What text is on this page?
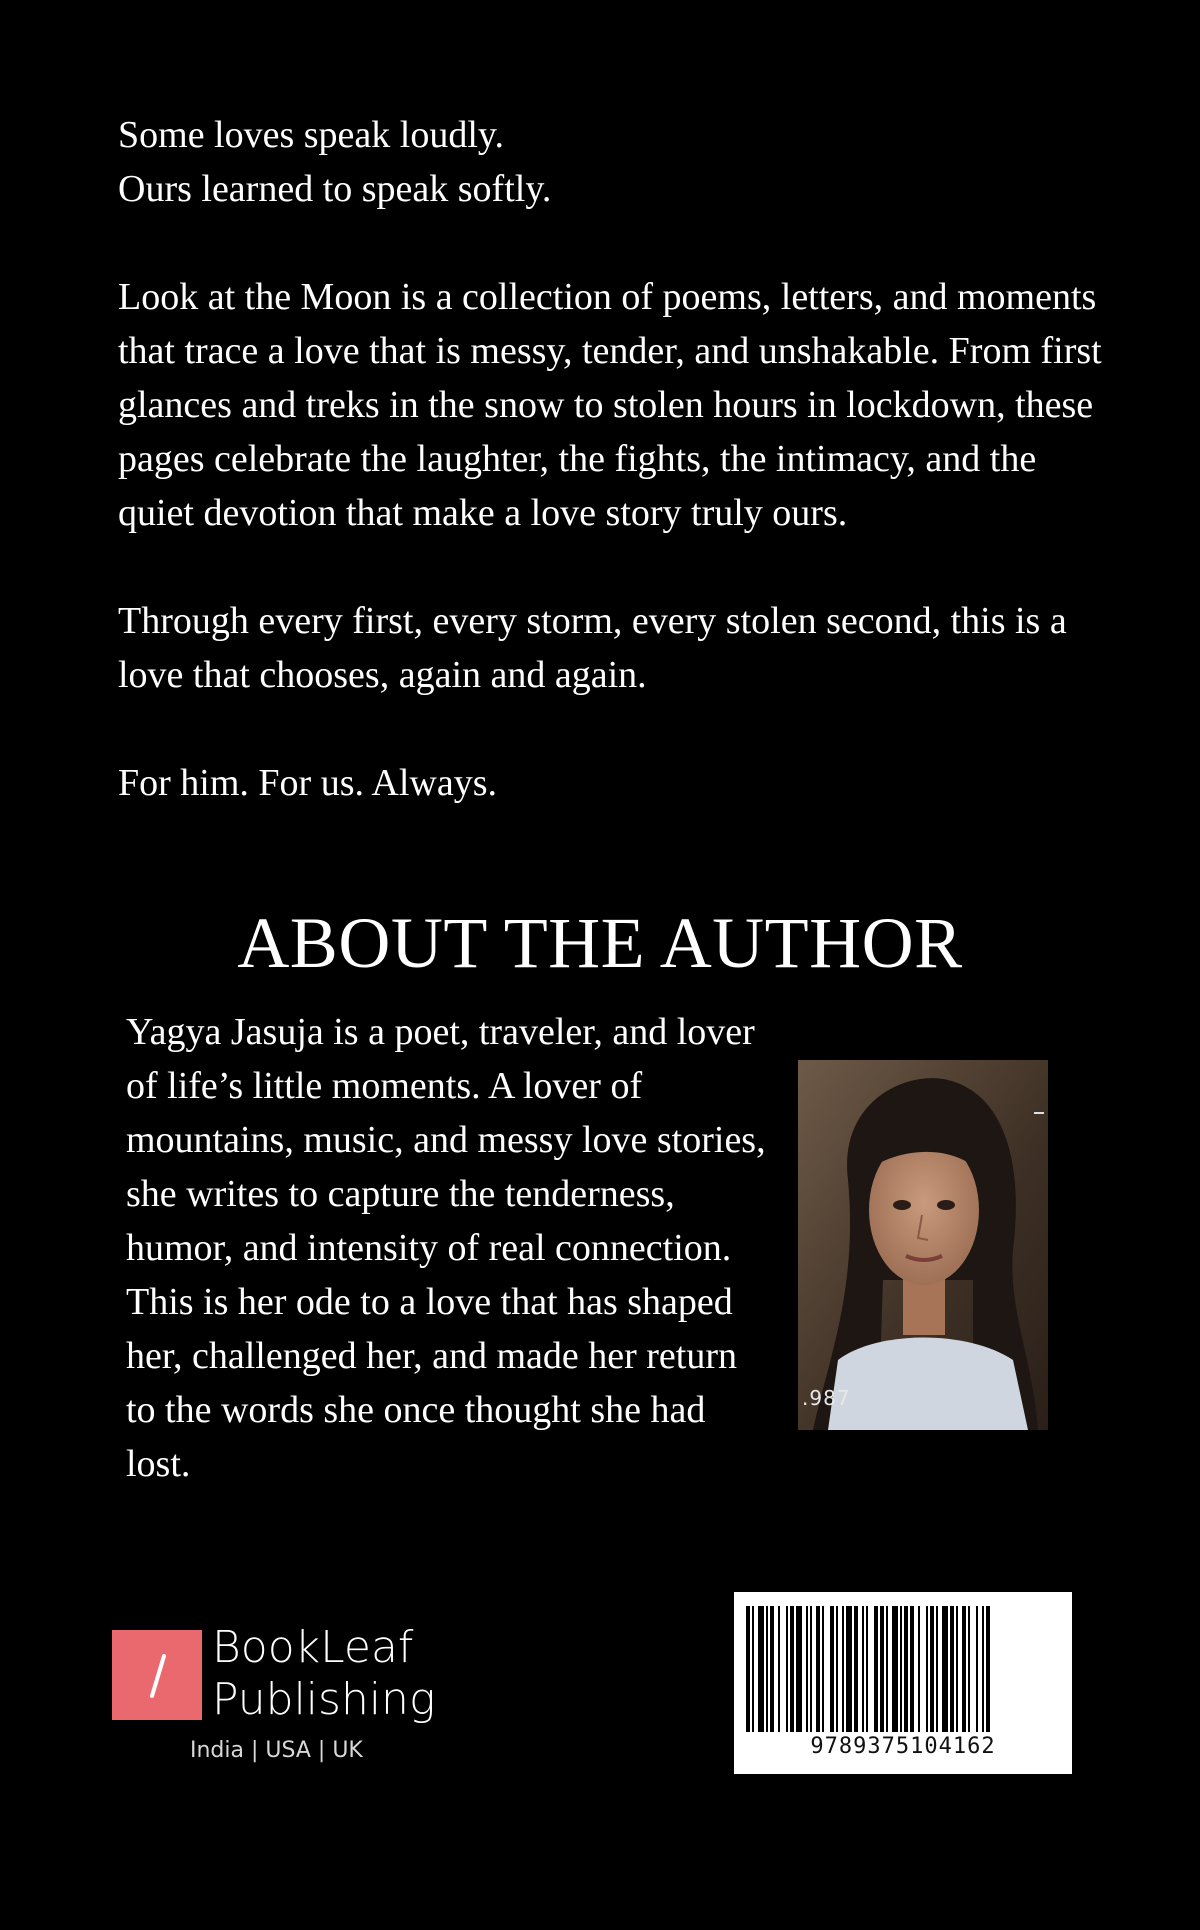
Some loves speak loudly.

Ours learned to speak softly.

Look at the Moon is a collection of poems, letters, and moments that trace a love that is messy, tender, and unshakable. From first glances and treks in the snow to stolen hours in lockdown, these pages celebrate the laughter, the fights, the intimacy, and the quiet devotion that make a love story truly ours.

Through every first, every storm, every stolen second, this is a love that chooses, again and again.

For him. For us. Always.

ABOUT THE AUTHOR

Yagya Jasuja is a poet, traveler, and lover of life’s little moments. A lover of mountains, music, and messy love stories, she writes to capture the tenderness, humor, and intensity of real connection. This is her ode to a love that has shaped her, challenged her, and made her return to the words she once thought she had lost.

.987
BookLeaf
Publishing
India | USA | UK	9789375104162
